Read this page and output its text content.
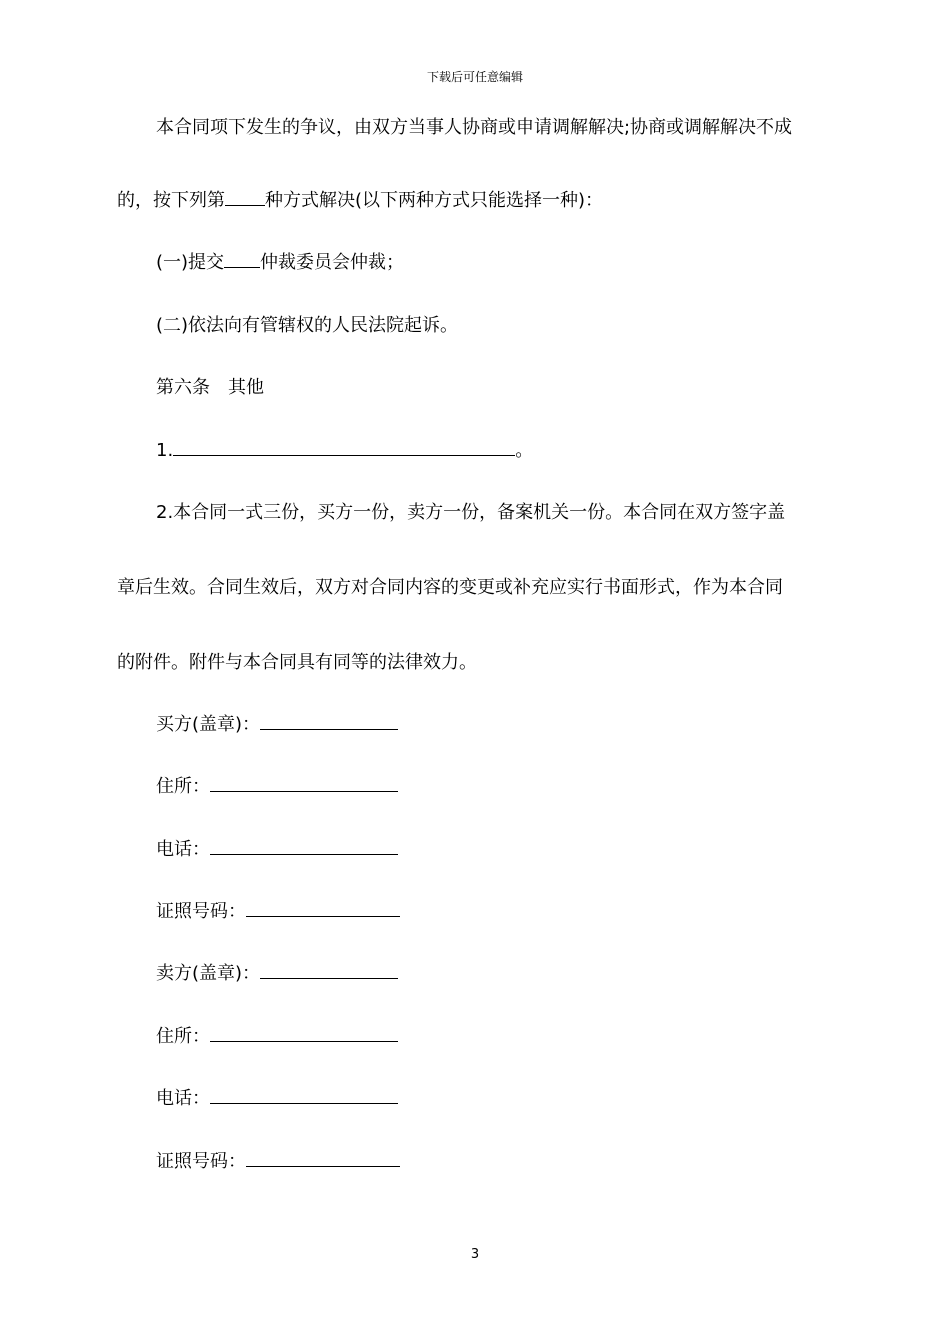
下载后可任意编辑
本合同项下发生的争议，由双方当事人协商或申请调解解决;协商或调解解决不成
的，按下列第 种方式解决(以下两种方式只能选择一种)：
(一)提交 仲裁委员会仲裁；
(二)依法向有管辖权的人民法院起诉。
第六条　其他
1.	。
2.本合同一式三份，买方一份，卖方一份，备案机关一份。本合同在双方签字盖
章后生效。合同生效后，双方对合同内容的变更或补充应实行书面形式，作为本合同
的附件。附件与本合同具有同等的法律效力。
买方(盖章)：
住所：
电话：
证照号码：
卖方(盖章)：
住所：
电话：
证照号码：
3
